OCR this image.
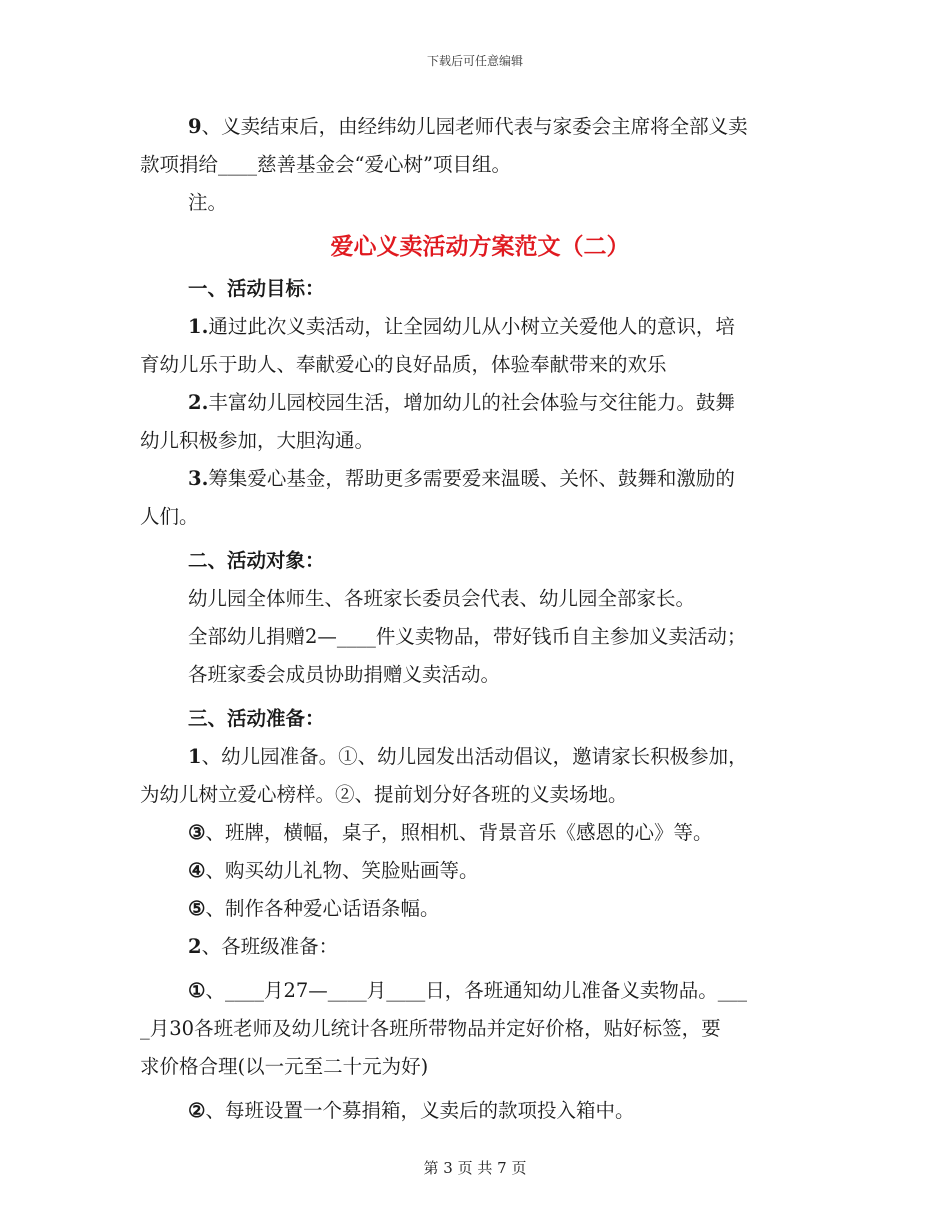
下载后可任意编辑
9、义卖结束后，由经纬幼儿园老师代表与家委会主席将全部义卖
款项捐给____慈善基金会“爱心树”项目组。
注。
爱心义卖活动方案范文（二）
一、活动目标：
1.通过此次义卖活动，让全园幼儿从小树立关爱他人的意识，培
育幼儿乐于助人、奉献爱心的良好品质，体验奉献带来的欢乐
2.丰富幼儿园校园生活，增加幼儿的社会体验与交往能力。鼓舞
幼儿积极参加，大胆沟通。
3.筹集爱心基金，帮助更多需要爱来温暖、关怀、鼓舞和激励的
人们。
二、活动对象：
幼儿园全体师生、各班家长委员会代表、幼儿园全部家长。
全部幼儿捐赠2—____件义卖物品，带好钱币自主参加义卖活动；
各班家委会成员协助捐赠义卖活动。
三、活动准备：
1、幼儿园准备。①、幼儿园发出活动倡议，邀请家长积极参加，
为幼儿树立爱心榜样。②、提前划分好各班的义卖场地。
③、班牌，横幅，桌子，照相机、背景音乐《感恩的心》等。
④、购买幼儿礼物、笑脸贴画等。
⑤、制作各种爱心话语条幅。
2、各班级准备：
①、____月27—____月____日，各班通知幼儿准备义卖物品。___
_月30各班老师及幼儿统计各班所带物品并定好价格，贴好标签，要
求价格合理(以一元至二十元为好)
②、每班设置一个募捐箱，义卖后的款项投入箱中。
第 3 页 共 7 页
